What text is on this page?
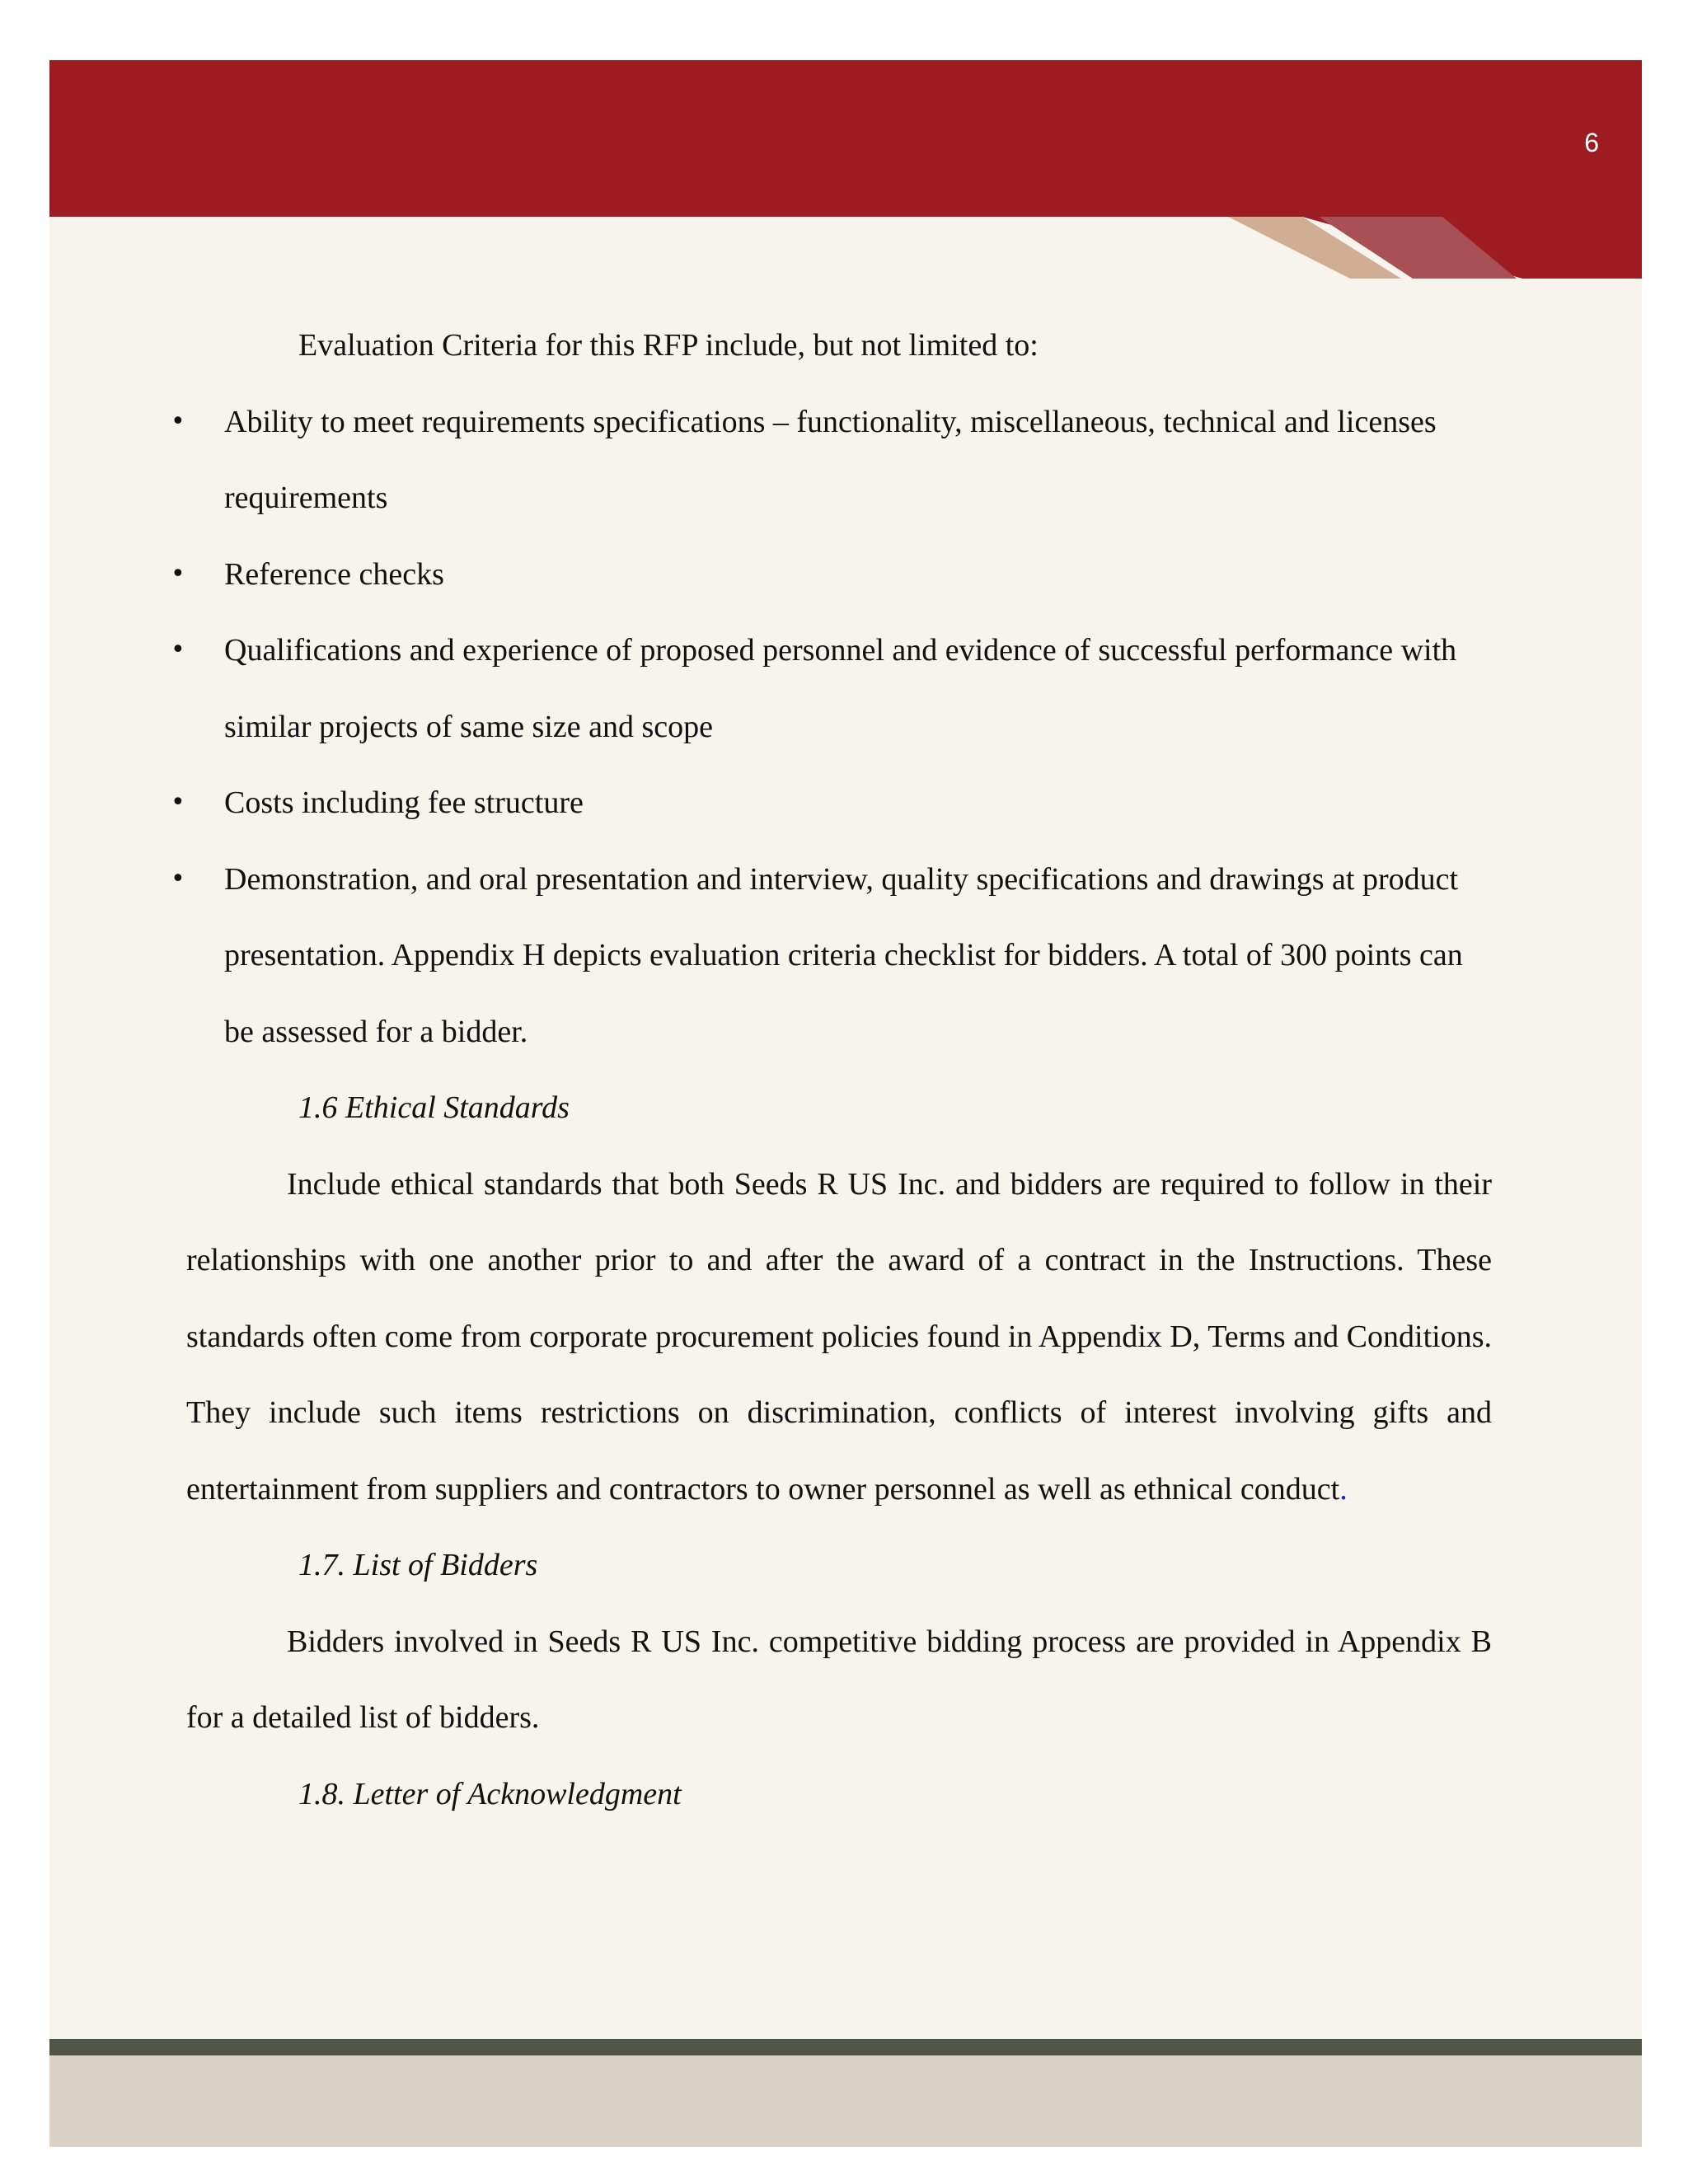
6

Evaluation Criteria for this RFP include, but not limited to:

• Ability to meet requirements specifications – functionality, miscellaneous, technical and licenses requirements
• Reference checks
• Qualifications and experience of proposed personnel and evidence of successful performance with similar projects of same size and scope
• Costs including fee structure
• Demonstration, and oral presentation and interview, quality specifications and drawings at product presentation. Appendix H depicts evaluation criteria checklist for bidders. A total of 300 points can be assessed for a bidder.

1.6 Ethical Standards

Include ethical standards that both Seeds R US Inc. and bidders are required to follow in their relationships with one another prior to and after the award of a contract in the Instructions. These standards often come from corporate procurement policies found in Appendix D, Terms and Conditions. They include such items restrictions on discrimination, conflicts of interest involving gifts and entertainment from suppliers and contractors to owner personnel as well as ethnical conduct.

1.7. List of Bidders

Bidders involved in Seeds R US Inc. competitive bidding process are provided in Appendix B for a detailed list of bidders.

1.8. Letter of Acknowledgment
